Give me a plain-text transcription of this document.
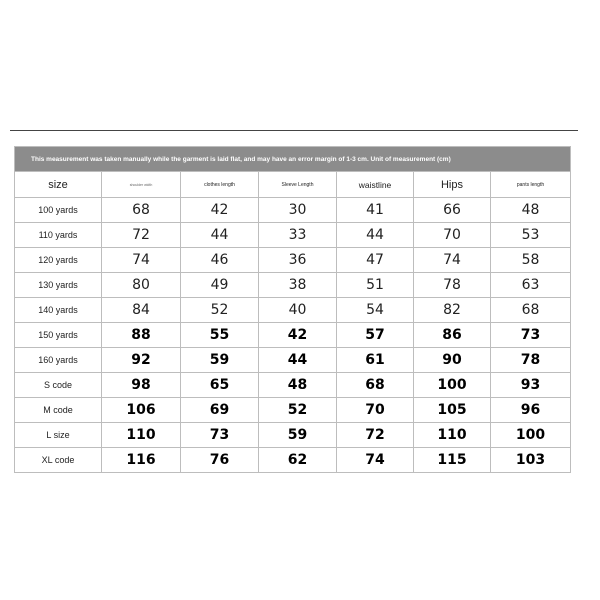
This measurement was taken manually while the garment is laid flat, and may have an error margin of 1-3 cm. Unit of measurement (cm)						
size	shoulder width	clothes length	Sleeve Length	waistline	Hips	pants length
100 yards	68	42	30	41	66	48
110 yards	72	44	33	44	70	53
120 yards	74	46	36	47	74	58
130 yards	80	49	38	51	78	63
140 yards	84	52	40	54	82	68
150 yards	88	55	42	57	86	73
160 yards	92	59	44	61	90	78
S code	98	65	48	68	100	93
M code	106	69	52	70	105	96
L size	110	73	59	72	110	100
XL code	116	76	62	74	115	103
